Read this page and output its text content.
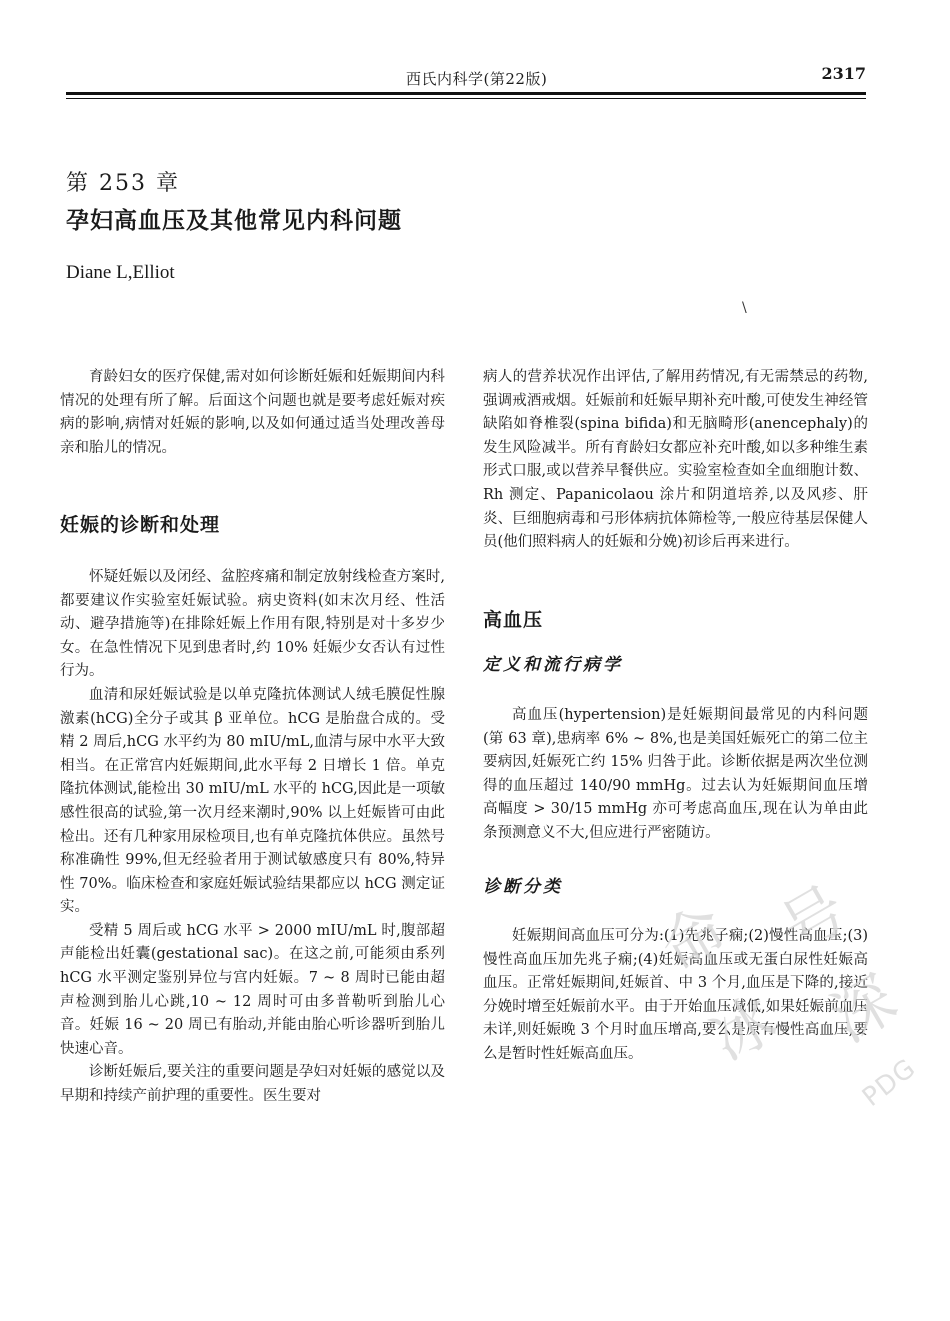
西氏内科学(第22版)	2317
第 253 章
孕妇高血压及其他常见内科问题
Diane L,Elliot
\

育龄妇女的医疗保健,需对如何诊断妊娠和妊娠期间内科情况的处理有所了解。后面这个问题也就是要考虑妊娠对疾病的影响,病情对妊娠的影响,以及如何通过适当处理改善母亲和胎儿的情况。

妊娠的诊断和处理

怀疑妊娠以及闭经、盆腔疼痛和制定放射线检查方案时,都要建议作实验室妊娠试验。病史资料(如末次月经、性活动、避孕措施等)在排除妊娠上作用有限,特别是对十多岁少女。在急性情况下见到患者时,约 10% 妊娠少女否认有过性行为。

血清和尿妊娠试验是以单克隆抗体测试人绒毛膜促性腺激素(hCG)全分子或其 β 亚单位。hCG 是胎盘合成的。受精 2 周后,hCG 水平约为 80 mIU/mL,血清与尿中水平大致相当。在正常宫内妊娠期间,此水平每 2 日增长 1 倍。单克隆抗体测试,能检出 30 mIU/mL 水平的 hCG,因此是一项敏感性很高的试验,第一次月经来潮时,90% 以上妊娠皆可由此检出。还有几种家用尿检项目,也有单克隆抗体供应。虽然号称准确性 99%,但无经验者用于测试敏感度只有 80%,特异性 70%。临床检查和家庭妊娠试验结果都应以 hCG 测定证实。

受精 5 周后或 hCG 水平 > 2000 mIU/mL 时,腹部超声能检出妊囊(gestational sac)。在这之前,可能须由系列 hCG 水平测定鉴别异位与宫内妊娠。7 ~ 8 周时已能由超声检测到胎儿心跳,10 ~ 12 周时可由多普勒听到胎儿心音。妊娠 16 ~ 20 周已有胎动,并能由胎心听诊器听到胎儿快速心音。

诊断妊娠后,要关注的重要问题是孕妇对妊娠的感觉以及早期和持续产前护理的重要性。医生要对

病人的营养状况作出评估,了解用药情况,有无需禁忌的药物,强调戒酒戒烟。妊娠前和妊娠早期补充叶酸,可使发生神经管缺陷如脊椎裂(spina bifida)和无脑畸形(anencephaly)的发生风险减半。所有育龄妇女都应补充叶酸,如以多种维生素形式口服,或以营养早餐供应。实验室检查如全血细胞计数、Rh 测定、Papanicolaou 涂片和阴道培养,以及风疹、肝炎、巨细胞病毒和弓形体病抗体筛检等,一般应待基层保健人员(他们照料病人的妊娠和分娩)初诊后再来进行。

高血压
定义和流行病学

高血压(hypertension)是妊娠期间最常见的内科问题(第 63 章),患病率 6% ~ 8%,也是美国妊娠死亡的第二位主要病因,妊娠死亡约 15% 归咎于此。诊断依据是两次坐位测得的血压超过 140/90 mmHg。过去认为妊娠期间血压增高幅度 > 30/15 mmHg 亦可考虑高血压,现在认为单由此条预测意义不大,但应进行严密随访。

诊断分类

妊娠期间高血压可分为:(1)先兆子痫;(2)慢性高血压;(3)慢性高血压加先兆子痫;(4)妊娠高血压或无蛋白尿性妊娠高血压。正常妊娠期间,妊娠首、中 3 个月,血压是下降的,接近分娩时增至妊娠前水平。由于开始血压减低,如果妊娠前血压未详,则妊娠晚 3 个月时血压增高,要么是原有慢性高血压,要么是暂时性妊娠高血压。

命 号
冰 深
PDG
